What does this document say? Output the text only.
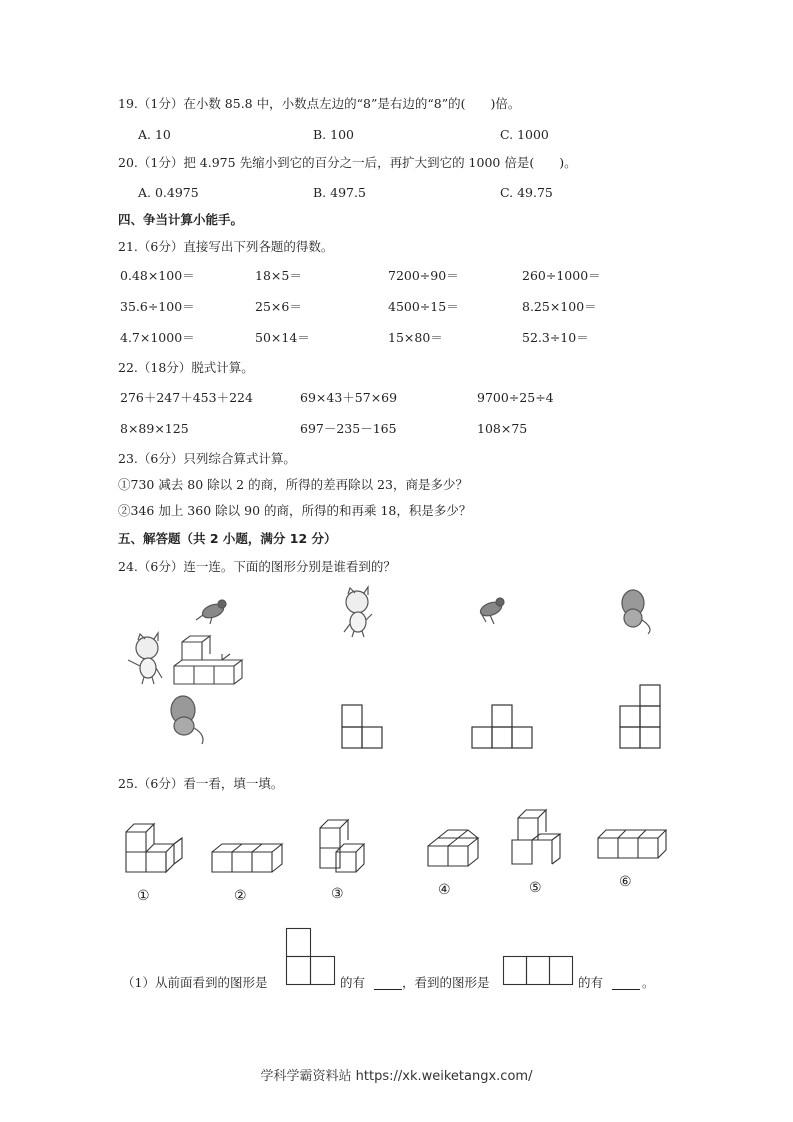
19.（1分）在小数 85.8 中，小数点左边的“8”是右边的“8”的(　　)倍。
A. 10	B. 100	C. 1000
20.（1分）把 4.975 先缩小到它的百分之一后，再扩大到它的 1000 倍是(　　)。
A. 0.4975	B. 497.5	C. 49.75
四、争当计算小能手。
21.（6分）直接写出下列各题的得数。
0.48×100＝	18×5＝	7200÷90＝	260÷1000＝
35.6÷100＝	25×6＝	4500÷15＝	8.25×100＝
4.7×1000＝	50×14＝	15×80＝	52.3÷10＝
22.（18分）脱式计算。
276＋247＋453＋224	69×43＋57×69	9700÷25÷4
8×89×125	697－235－165	108×75
23.（6分）只列综合算式计算。
①730 减去 80 除以 2 的商，所得的差再除以 23，商是多少？
②346 加上 360 除以 90 的商，所得的和再乘 18，积是多少？
五、解答题（共 2 小题，满分 12 分）
24.（6分）连一连。下面的图形分别是谁看到的？
25.（6分）看一看，填一填。
①	②	③	④	⑤	⑥
（1）从前面看到的图形是	的有	，看到的图形是	的有	。
学科学霸资料站 https://xk.weiketangx.com/
